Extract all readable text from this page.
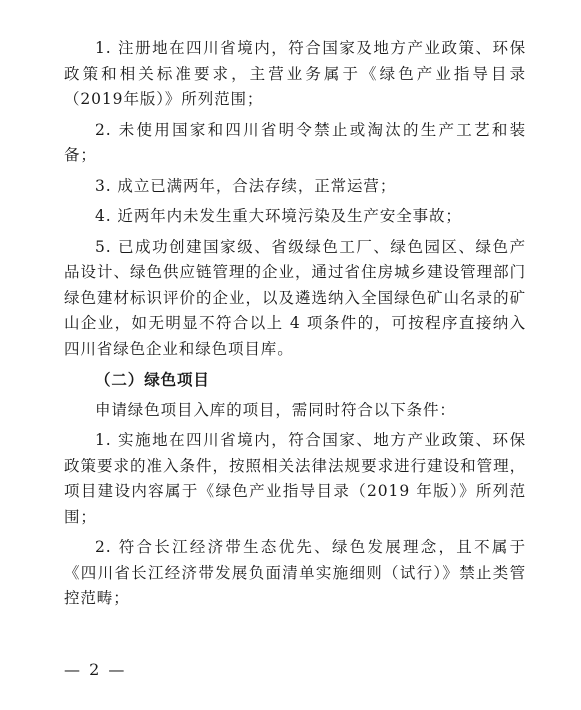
1. 注册地在四川省境内，符合国家及地方产业政策、环保政策和相关标准要求，主营业务属于《绿色产业指导目录（2019年版）》所列范围；

2. 未使用国家和四川省明令禁止或淘汰的生产工艺和装备；

3. 成立已满两年，合法存续，正常运营；

4. 近两年内未发生重大环境污染及生产安全事故；

5. 已成功创建国家级、省级绿色工厂、绿色园区、绿色产品设计、绿色供应链管理的企业，通过省住房城乡建设管理部门绿色建材标识评价的企业，以及遴选纳入全国绿色矿山名录的矿山企业，如无明显不符合以上 4 项条件的，可按程序直接纳入四川省绿色企业和绿色项目库。

（二）绿色项目

申请绿色项目入库的项目，需同时符合以下条件：

1. 实施地在四川省境内，符合国家、地方产业政策、环保政策要求的准入条件，按照相关法律法规要求进行建设和管理，项目建设内容属于《绿色产业指导目录（2019 年版）》所列范围；

2. 符合长江经济带生态优先、绿色发展理念，且不属于《四川省长江经济带发展负面清单实施细则（试行）》禁止类管控范畴；

— 2 —
